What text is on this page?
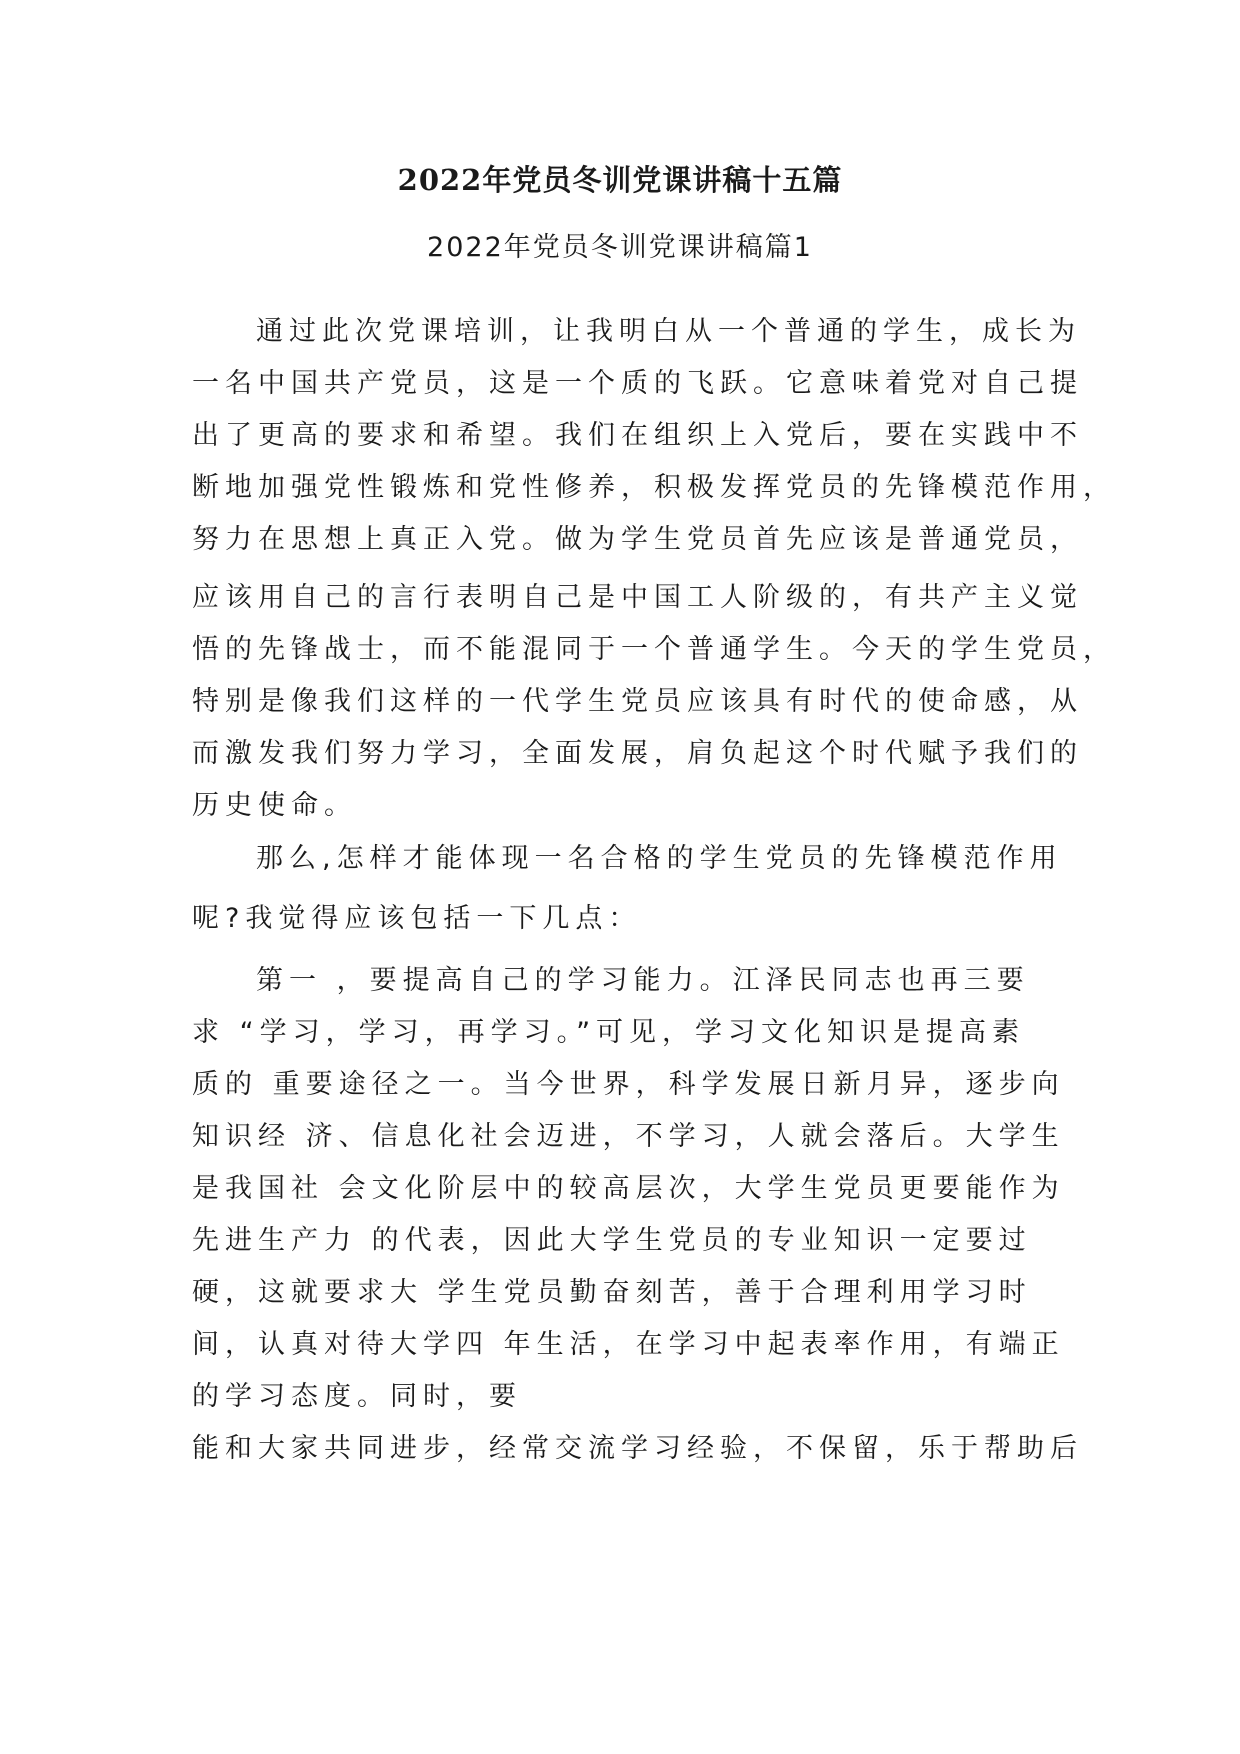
2022年党员冬训党课讲稿十五篇
2022年党员冬训党课讲稿篇1
通过此次党课培训，让我明白从一个普通的学生，成长为
一名中国共产党员，这是一个质的飞跃。它意味着党对自己提
出了更高的要求和希望。我们在组织上入党后，要在实践中不
断地加强党性锻炼和党性修养，积极发挥党员的先锋模范作用，
努力在思想上真正入党。做为学生党员首先应该是普通党员，
应该用自己的言行表明自己是中国工人阶级的，有共产主义觉
悟的先锋战士，而不能混同于一个普通学生。今天的学生党员，
特别是像我们这样的一代学生党员应该具有时代的使命感，从
而激发我们努力学习，全面发展，肩负起这个时代赋予我们的
历史使命。
那么,怎样才能体现一名合格的学生党员的先锋模范作用
呢?我觉得应该包括一下几点：
第一 ，要提高自己的学习能力。江泽民同志也再三要
求 “学习，学习，再学习。”可见，学习文化知识是提高素
质的 重要途径之一。当今世界，科学发展日新月异，逐步向
知识经 济、信息化社会迈进，不学习，人就会落后。大学生
是我国社 会文化阶层中的较高层次，大学生党员更要能作为
先进生产力 的代表，因此大学生党员的专业知识一定要过
硬，这就要求大 学生党员勤奋刻苦，善于合理利用学习时
间，认真对待大学四 年生活，在学习中起表率作用，有端正
的学习态度。同时，要
能和大家共同进步，经常交流学习经验，不保留，乐于帮助后
